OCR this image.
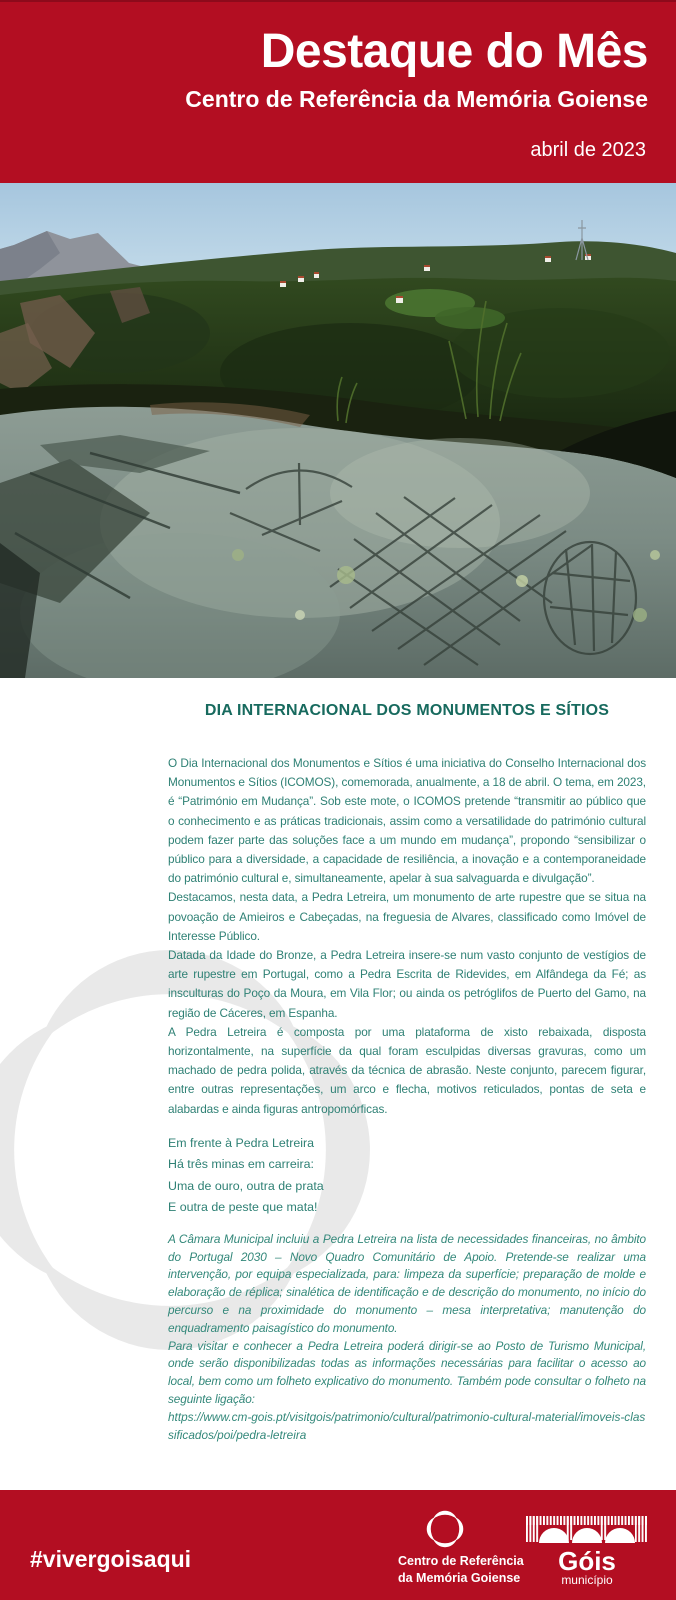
Destaque do Mês
Centro de Referência da Memória Goiense
abril de 2023
DIA INTERNACIONAL DOS MONUMENTOS E SÍTIOS

O Dia Internacional dos Monumentos e Sítios é uma iniciativa do Conselho Internacional dos Monumentos e Sítios (ICOMOS), comemorada, anualmente, a 18 de abril. O tema, em 2023, é “Património em Mudança”. Sob este mote, o ICOMOS pretende “transmitir ao público que o conhecimento e as práticas tradicionais, assim como a versatilidade do património cultural podem fazer parte das soluções face a um mundo em mudança”, propondo “sensibilizar o público para a diversidade, a capacidade de resiliência, a inovação e a contemporaneidade do património cultural e, simultaneamente, apelar à sua salvaguarda e divulgação”.

Destacamos, nesta data, a Pedra Letreira, um monumento de arte rupestre que se situa na povoação de Amieiros e Cabeçadas, na freguesia de Alvares, classificado como Imóvel de Interesse Público.

Datada da Idade do Bronze, a Pedra Letreira insere-se num vasto conjunto de vestígios de arte rupestre em Portugal, como a Pedra Escrita de Ridevides, em Alfândega da Fé; as insculturas do Poço da Moura, em Vila Flor; ou ainda os petróglifos de Puerto del Gamo, na região de Cáceres, em Espanha.

A Pedra Letreira é composta por uma plataforma de xisto rebaixada, disposta horizontalmente, na superfície da qual foram esculpidas diversas gravuras, como um machado de pedra polida, através da técnica de abrasão. Neste conjunto, parecem figurar, entre outras representações, um arco e flecha, motivos reticulados, pontas de seta e alabardas e ainda figuras antropomórficas.

Em frente à Pedra Letreira

Há três minas em carreira:

Uma de ouro, outra de prata

E outra de peste que mata!

A Câmara Municipal incluiu a Pedra Letreira na lista de necessidades financeiras, no âmbito do Portugal 2030 – Novo Quadro Comunitário de Apoio. Pretende-se realizar uma intervenção, por equipa especializada, para: limpeza da superfície; preparação de molde e elaboração de réplica; sinalética de identificação e de descrição do monumento, no início do percurso e na proximidade do monumento – mesa interpretativa; manutenção do enquadramento paisagístico do monumento.

Para visitar e conhecer a Pedra Letreira poderá dirigir-se ao Posto de Turismo Municipal, onde serão disponibilizadas todas as informações necessárias para facilitar o acesso ao local, bem como um folheto explicativo do monumento. Também pode consultar o folheto na seguinte ligação:

https://www.cm-gois.pt/visitgois/patrimonio/cultural/patrimonio-cultural-material/imoveis-classificados/poi/pedra-letreira
#vivergoisaqui	Centro de Referência
da Memória Goiense
Góis
município
